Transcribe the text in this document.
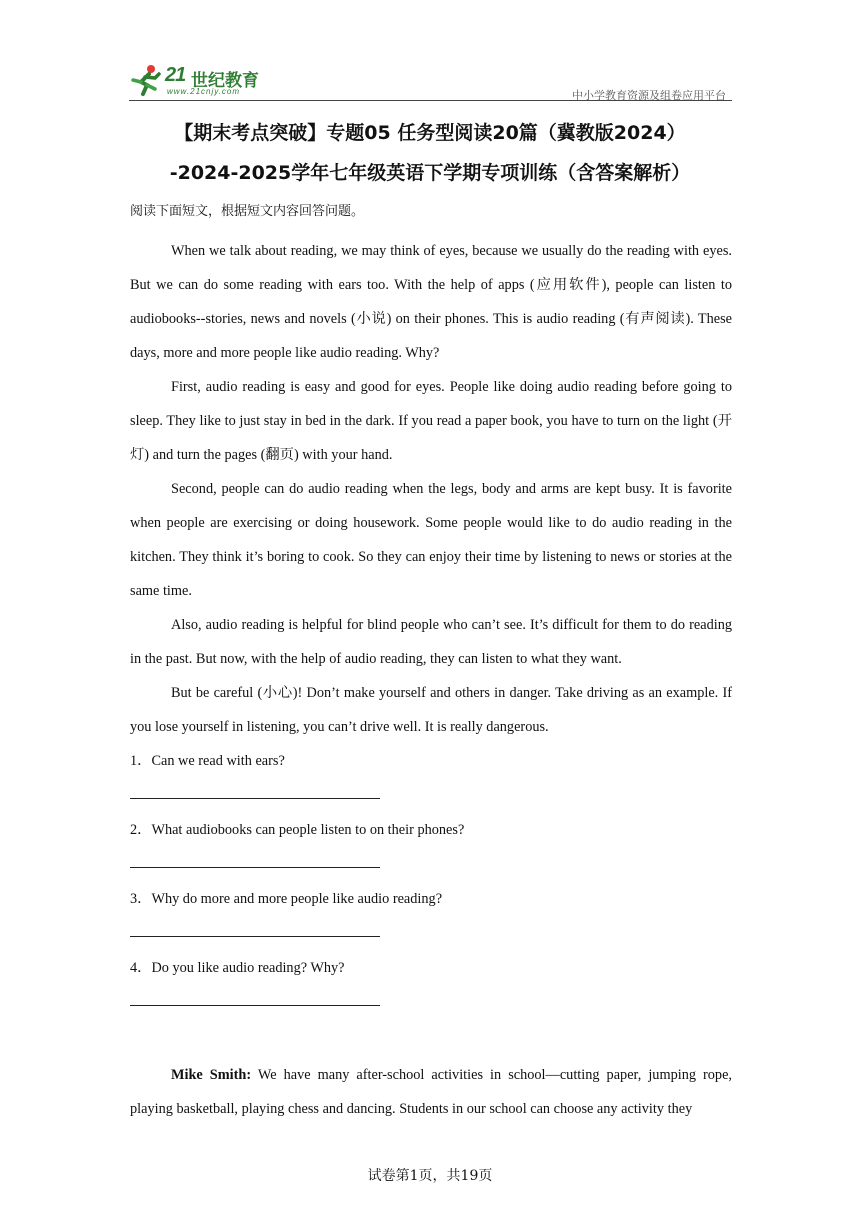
21 世纪教育
www.21cnjy.com	中小学教育资源及组卷应用平台
【期末考点突破】专题05 任务型阅读20篇（冀教版2024）
-2024-2025学年七年级英语下学期专项训练（含答案解析）

阅读下面短文，根据短文内容回答问题。

When we talk about reading, we may think of eyes, because we usually do the reading with eyes. But we can do some reading with ears too. With the help of apps (应用软件), people can listen to audiobooks--stories, news and novels (小说) on their phones. This is audio reading (有声阅读). These days, more and more people like audio reading. Why?

First, audio reading is easy and good for eyes. People like doing audio reading before going to sleep. They like to just stay in bed in the dark. If you read a paper book, you have to turn on the light (开灯) and turn the pages (翻页) with your hand.

Second, people can do audio reading when the legs, body and arms are kept busy. It is favorite when people are exercising or doing housework. Some people would like to do audio reading in the kitchen. They think it’s boring to cook. So they can enjoy their time by listening to news or stories at the same time.

Also, audio reading is helpful for blind people who can’t see. It’s difficult for them to do reading in the past. But now, with the help of audio reading, they can listen to what they want.

But be careful (小心)! Don’t make yourself and others in danger. Take driving as an example. If you lose yourself in listening, you can’t drive well. It is really dangerous.

1．Can we read with ears?

2．What audiobooks can people listen to on their phones?

3．Why do more and more people like audio reading?

4．Do you like audio reading? Why?

Mike Smith: We have many after-school activities in school—cutting paper, jumping rope, playing basketball, playing chess and dancing. Students in our school can choose any activity they

试卷第1页，共19页
